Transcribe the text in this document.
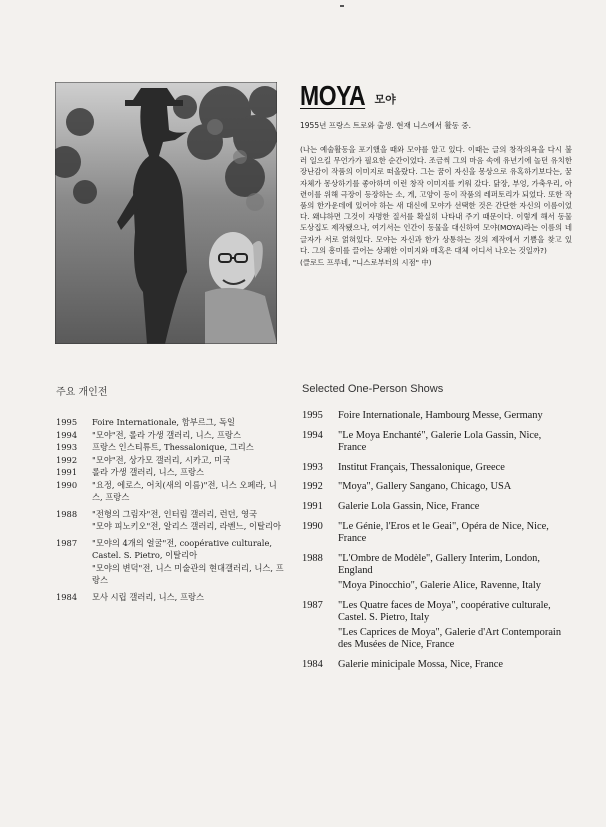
MOYA 모야
1955년 프랑스 트로와 출생. 현재 니스에서 활동 중.
(나는 예술활동을 포기했을 때와 모야를 알고 있다. 이때는 글의 창작의욕을 다시 불러 일으킬 무언가가 필요한 순간이었다. 조금씩 그의 마음 속에 유년기에 놀던 유치한 장난감이 작품의 이미지로 떠올랐다. 그는 꿈이 자신을 몽상으로 유혹하기보다는, 꿈 자체가 몽상하기를 좋아하며 이런 창작 이미지를 키워 갔다. 닭장, 부엉, 가축우리, 아련이를 위해 극장이 등장하는 소, 게, 고양이 등이 작품의 레퍼토리가 되었다. 또한 작품의 한가운데에 있어야 하는 새 대신에 모야가 선택한 것은 간단한 자신의 이름이었다. 왜냐하면 그것이 자명한 질서를 확실히 나타내 주기 때문이다. 이렇게 해서 동물도상집도 제작됐으나, 여기서는 인간이 동물을 대신하여 모야(MOYA)라는 이름의 네 글자가 서로 얽혀있다. 모야는 자신과 한가 상통하는 것의 제작에서 기쁨을 찾고 있다. 그의 흥미를 끌어는 상쾌한 이미지와 매혹은 대체 어디서 나오는 것일까?)
(클로드 프루네, "니스로부터의 시점" 中)
주요 개인전	Selected One-Person Shows
1995	Foire Internationale, 함부르그, 독일
1994	"모야"전, 롤라 가생 갤러리, 니스, 프랑스
1993	프랑스 인스티튜트, Thessalonique, 그리스
1992	"모야"전, 상가모 갤러리, 시카고, 미국
1991	롤라 가생 갤러리, 니스, 프랑스
1990	"요정, 에로스, 어치(새의 이름)"전, 니스 오페라, 니스, 프랑스
1988	"전형의 그림자"전, 인터림 갤러리, 런던, 영국
"모야 피노키오"전, 알리스 갤러리, 라벤느, 이탈리아
1987	"모야의 4개의 얼굴"전, coopérative culturale, Castel. S. Pietro, 이탈리아
"모야의 변덕"전, 니스 미술관의 현대갤러리, 니스, 프랑스
1984	모사 시립 갤러리, 니스, 프랑스
1995	Foire Internationale, Hambourg Messe, Germany
1994	"Le Moya Enchanté", Galerie Lola Gassin, Nice, France
1993	Institut Français, Thessalonique, Greece
1992	"Moya", Gallery Sangano, Chicago, USA
1991	Galerie Lola Gassin, Nice, France
1990	"Le Génie, l'Eros et le Geai", Opéra de Nice, Nice, France
1988	"L'Ombre de Modèle", Gallery Interim, London, England
"Moya Pinocchio", Galerie Alice, Ravenne, Italy
1987	"Les Quatre faces de Moya", coopérative culturale, Castel. S. Pietro, Italy
"Les Caprices de Moya", Galerie d'Art Contemporain des Musées de Nice, France
1984	Galerie minicipale Mossa, Nice, France
